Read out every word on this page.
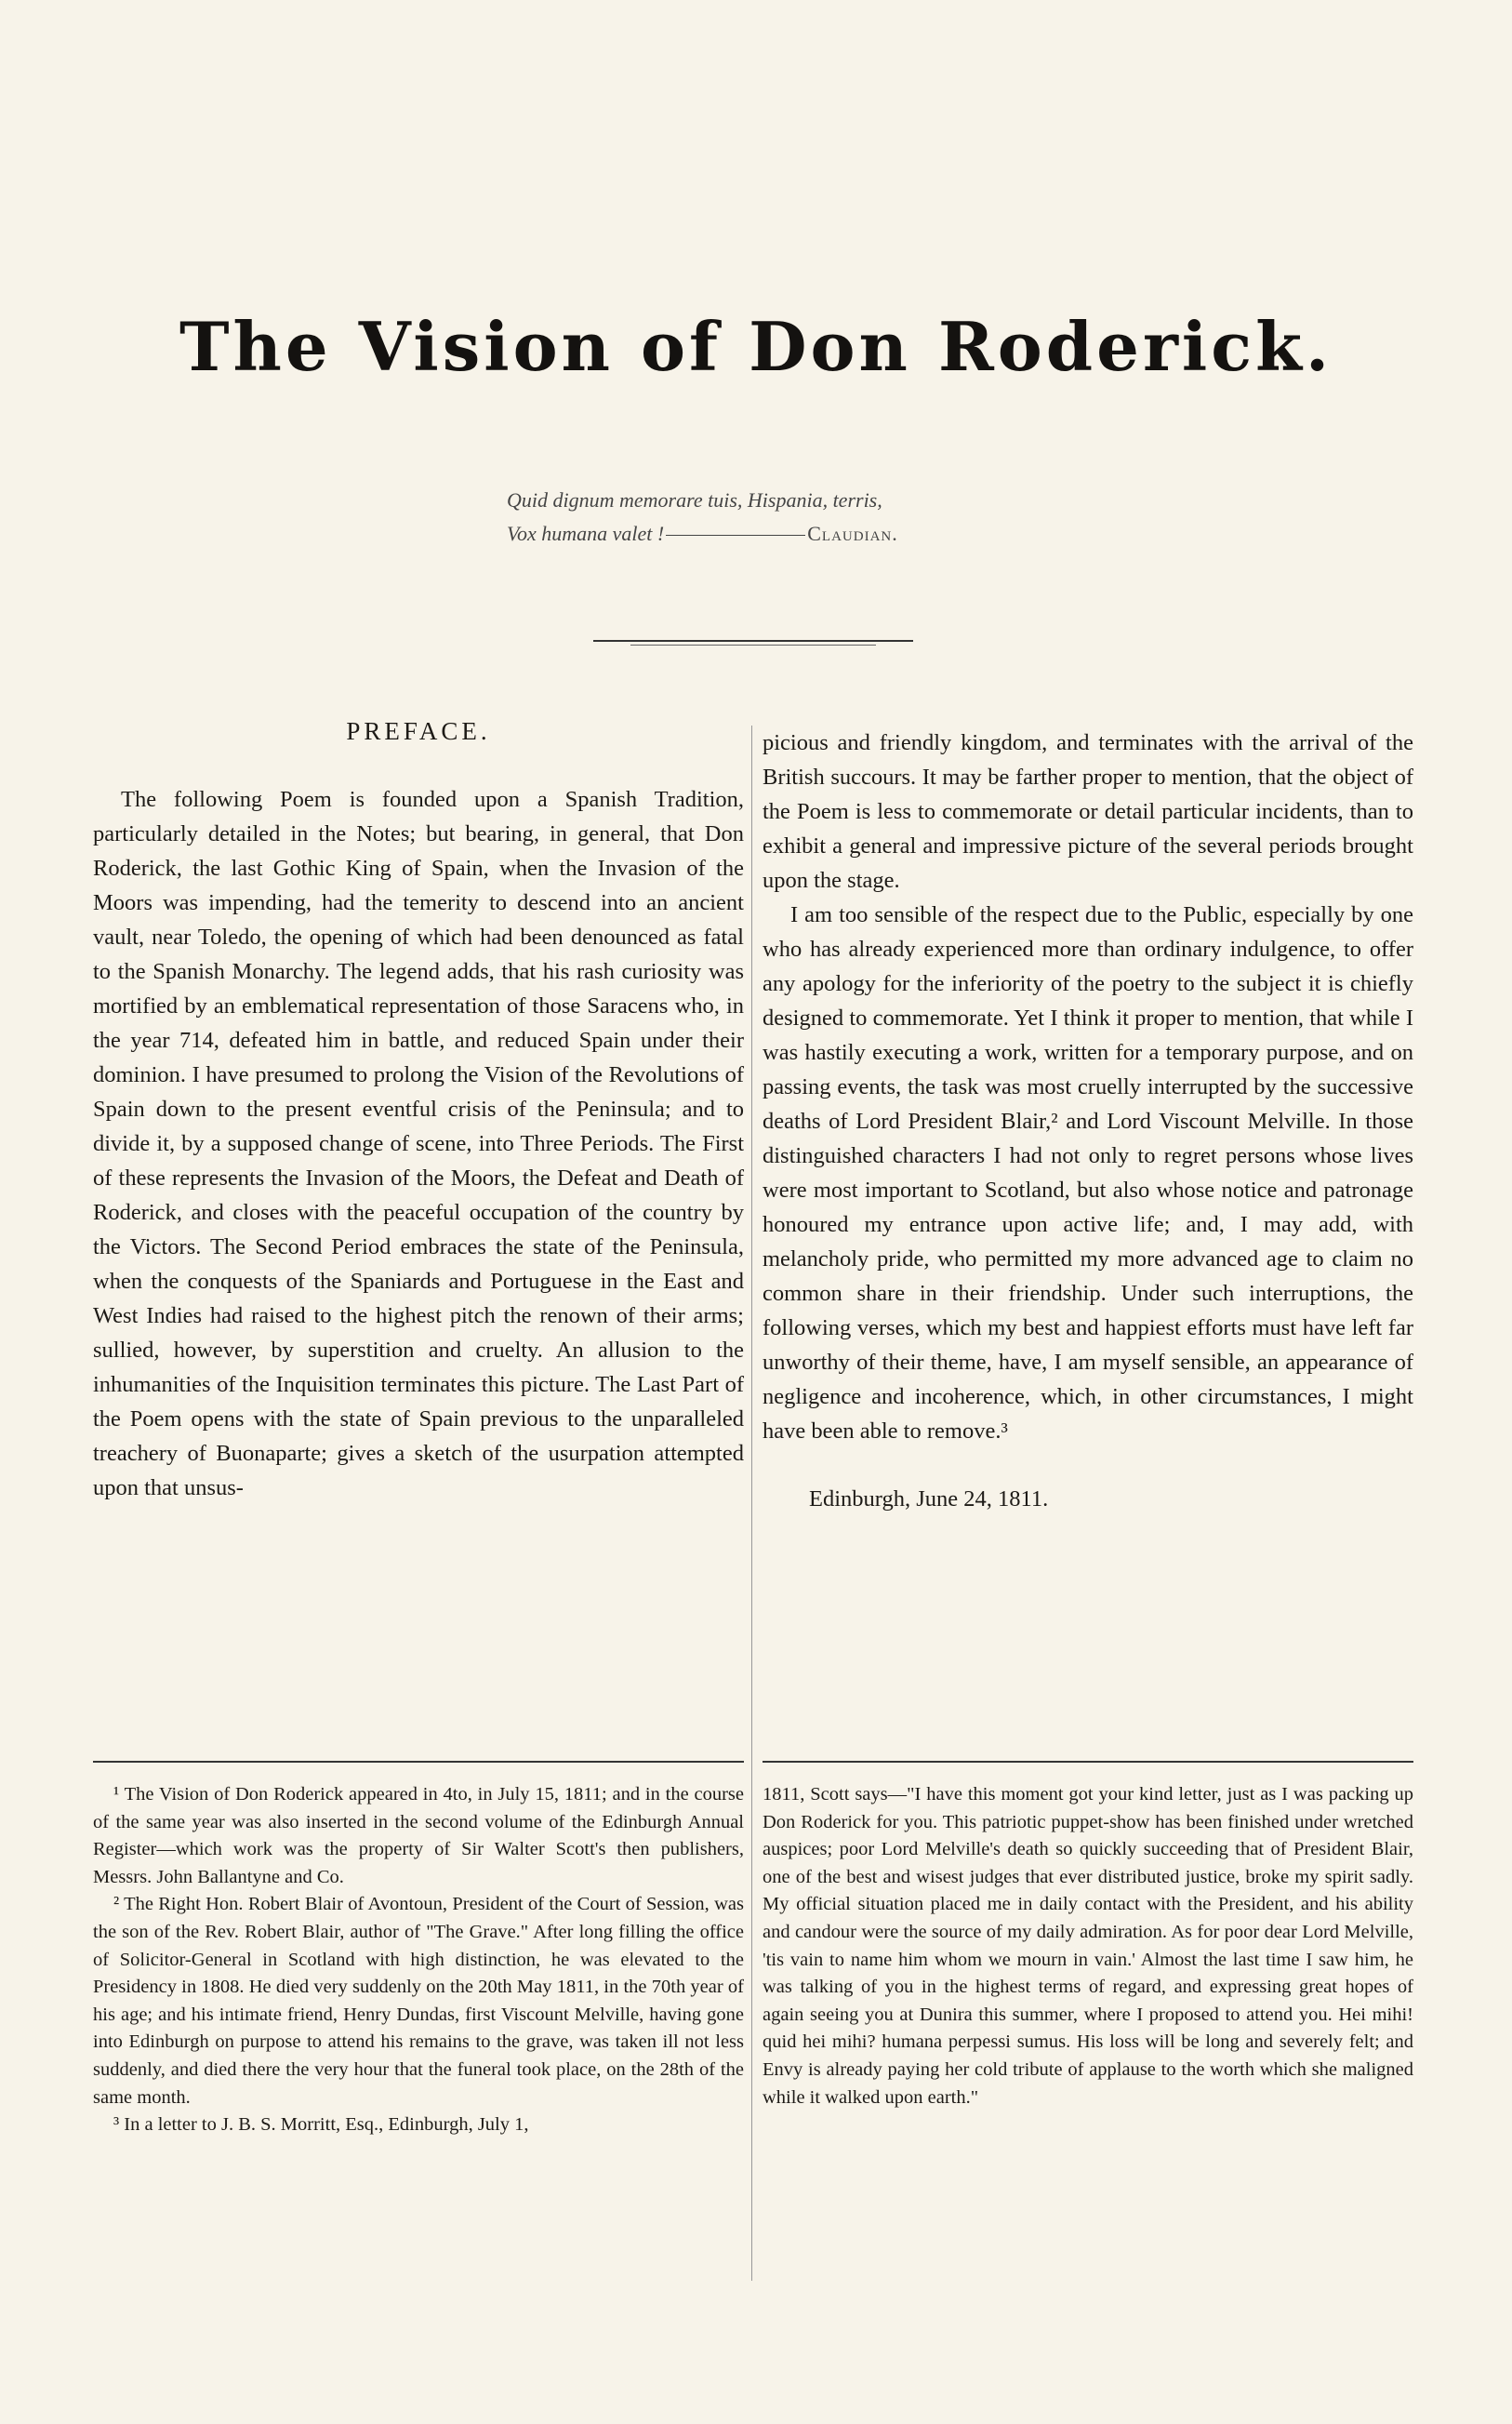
The Vision of Don Roderick.
Quid dignum memorare tuis, Hispania, terris,
Vox humana valet !	Claudian.

PREFACE.

The following Poem is founded upon a Spanish Tradition, particularly detailed in the Notes; but bearing, in general, that Don Roderick, the last Gothic King of Spain, when the Invasion of the Moors was impending, had the temerity to descend into an ancient vault, near Toledo, the opening of which had been denounced as fatal to the Spanish Monarchy. The legend adds, that his rash curiosity was mortified by an emblematical representation of those Saracens who, in the year 714, defeated him in battle, and reduced Spain under their dominion. I have presumed to prolong the Vision of the Revolutions of Spain down to the present eventful crisis of the Peninsula; and to divide it, by a supposed change of scene, into Three Periods. The First of these represents the Invasion of the Moors, the Defeat and Death of Roderick, and closes with the peaceful occupation of the country by the Victors. The Second Period embraces the state of the Peninsula, when the conquests of the Spaniards and Portuguese in the East and West Indies had raised to the highest pitch the renown of their arms; sullied, however, by superstition and cruelty. An allusion to the inhumanities of the Inquisition terminates this picture. The Last Part of the Poem opens with the state of Spain previous to the unparalleled treachery of Buonaparte; gives a sketch of the usurpation attempted upon that unsus-

picious and friendly kingdom, and terminates with the arrival of the British succours. It may be farther proper to mention, that the object of the Poem is less to commemorate or detail particular incidents, than to exhibit a general and impressive picture of the several periods brought upon the stage.

I am too sensible of the respect due to the Public, especially by one who has already experienced more than ordinary indulgence, to offer any apology for the inferiority of the poetry to the subject it is chiefly designed to commemorate. Yet I think it proper to mention, that while I was hastily executing a work, written for a temporary purpose, and on passing events, the task was most cruelly interrupted by the successive deaths of Lord President Blair,² and Lord Viscount Melville. In those distinguished characters I had not only to regret persons whose lives were most important to Scotland, but also whose notice and patronage honoured my entrance upon active life; and, I may add, with melancholy pride, who permitted my more advanced age to claim no common share in their friendship. Under such interruptions, the following verses, which my best and happiest efforts must have left far unworthy of their theme, have, I am myself sensible, an appearance of negligence and incoherence, which, in other circumstances, I might have been able to remove.³

Edinburgh, June 24, 1811.

¹ The Vision of Don Roderick appeared in 4to, in July 15, 1811; and in the course of the same year was also inserted in the second volume of the Edinburgh Annual Register—which work was the property of Sir Walter Scott's then publishers, Messrs. John Ballantyne and Co.

² The Right Hon. Robert Blair of Avontoun, President of the Court of Session, was the son of the Rev. Robert Blair, author of "The Grave." After long filling the office of Solicitor-General in Scotland with high distinction, he was elevated to the Presidency in 1808. He died very suddenly on the 20th May 1811, in the 70th year of his age; and his intimate friend, Henry Dundas, first Viscount Melville, having gone into Edinburgh on purpose to attend his remains to the grave, was taken ill not less suddenly, and died there the very hour that the funeral took place, on the 28th of the same month.

³ In a letter to J. B. S. Morritt, Esq., Edinburgh, July 1,

1811, Scott says—"I have this moment got your kind letter, just as I was packing up Don Roderick for you. This patriotic puppet-show has been finished under wretched auspices; poor Lord Melville's death so quickly succeeding that of President Blair, one of the best and wisest judges that ever distributed justice, broke my spirit sadly. My official situation placed me in daily contact with the President, and his ability and candour were the source of my daily admiration. As for poor dear Lord Melville, 'tis vain to name him whom we mourn in vain.' Almost the last time I saw him, he was talking of you in the highest terms of regard, and expressing great hopes of again seeing you at Dunira this summer, where I proposed to attend you. Hei mihi! quid hei mihi? humana perpessi sumus. His loss will be long and severely felt; and Envy is already paying her cold tribute of applause to the worth which she maligned while it walked upon earth."
